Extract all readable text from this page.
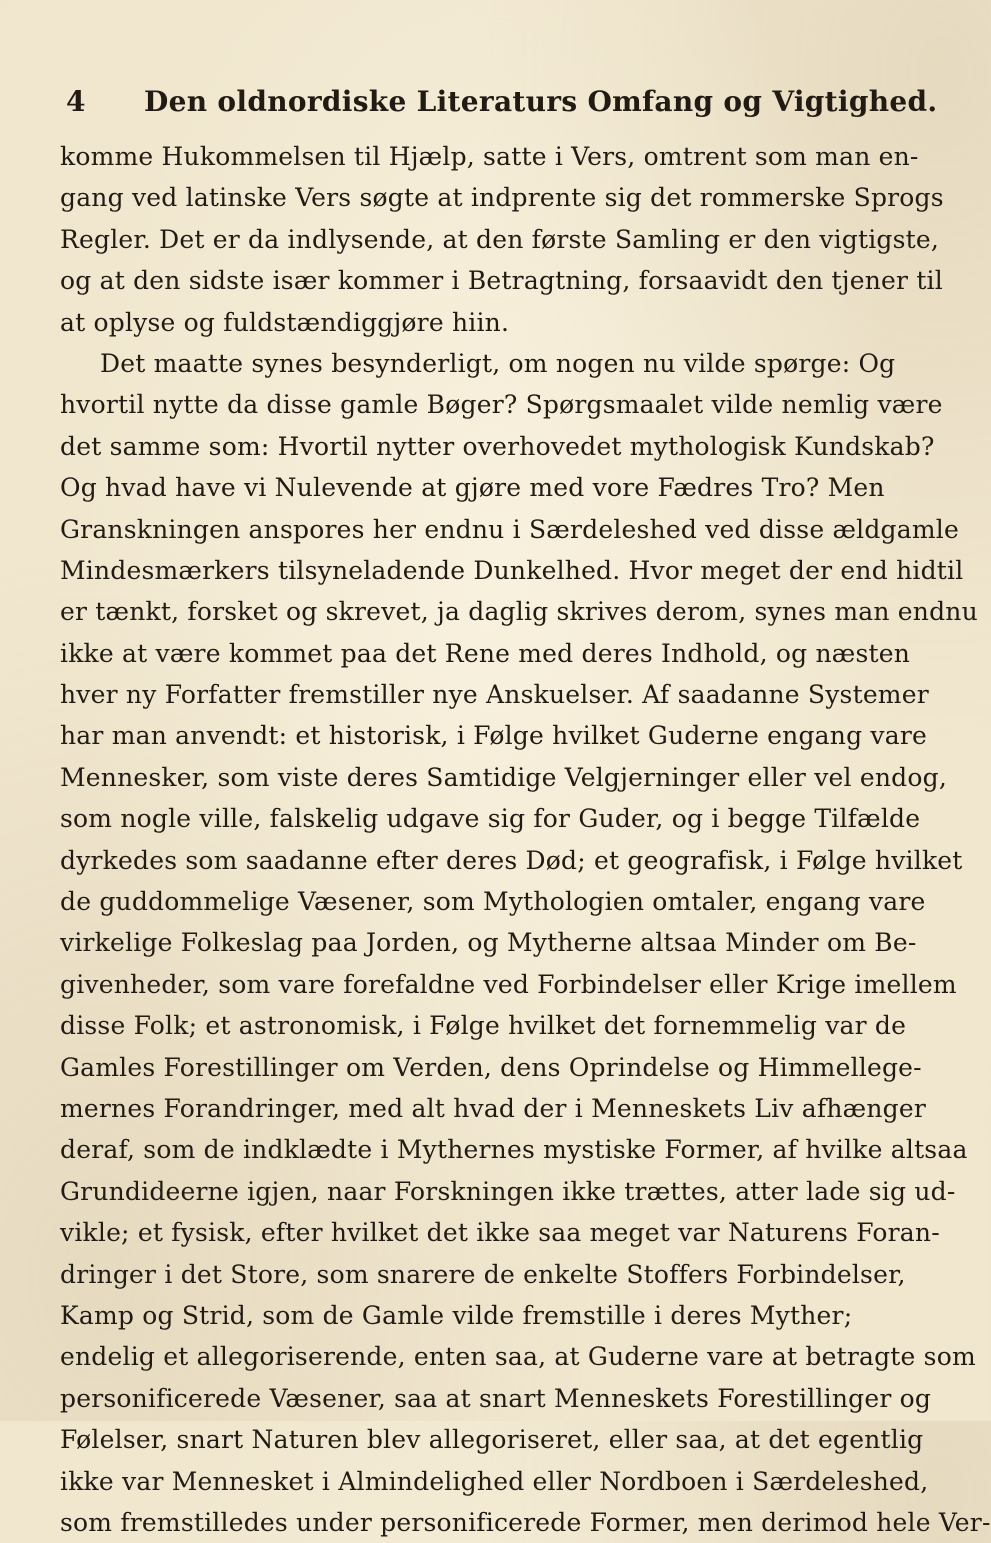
4 Den oldnordiske Literaturs Omfang og Vigtighed.
komme Hukommelsen til Hjælp, satte i Vers, omtrent som man en-
gang ved latinske Vers søgte at indprente sig det rommerske Sprogs
Regler. Det er da indlysende, at den første Samling er den vigtigste,
og at den sidste især kommer i Betragtning, forsaavidt den tjener til
at oplyse og fuldstændiggjøre hiin.
Det maatte synes besynderligt, om nogen nu vilde spørge: Og
hvortil nytte da disse gamle Bøger? Spørgsmaalet vilde nemlig være
det samme som: Hvortil nytter overhovedet mythologisk Kundskab?
Og hvad have vi Nulevende at gjøre med vore Fædres Tro? Men
Granskningen anspores her endnu i Særdeleshed ved disse ældgamle
Mindesmærkers tilsyneladende Dunkelhed. Hvor meget der end hidtil
er tænkt, forsket og skrevet, ja daglig skrives derom, synes man endnu
ikke at være kommet paa det Rene med deres Indhold, og næsten
hver ny Forfatter fremstiller nye Anskuelser. Af saadanne Systemer
har man anvendt: et historisk, i Følge hvilket Guderne engang vare
Mennesker, som viste deres Samtidige Velgjerninger eller vel endog,
som nogle ville, falskelig udgave sig for Guder, og i begge Tilfælde
dyrkedes som saadanne efter deres Død; et geografisk, i Følge hvilket
de guddommelige Væsener, som Mythologien omtaler, engang vare
virkelige Folkeslag paa Jorden, og Mytherne altsaa Minder om Be-
givenheder, som vare forefaldne ved Forbindelser eller Krige imellem
disse Folk; et astronomisk, i Følge hvilket det fornemmelig var de
Gamles Forestillinger om Verden, dens Oprindelse og Himmellege-
mernes Forandringer, med alt hvad der i Menneskets Liv afhænger
deraf, som de indklædte i Mythernes mystiske Former, af hvilke altsaa
Grundideerne igjen, naar Forskningen ikke trættes, atter lade sig ud-
vikle; et fysisk, efter hvilket det ikke saa meget var Naturens Foran-
dringer i det Store, som snarere de enkelte Stoffers Forbindelser,
Kamp og Strid, som de Gamle vilde fremstille i deres Myther;
endelig et allegoriserende, enten saa, at Guderne vare at betragte som
personificerede Væsener, saa at snart Menneskets Forestillinger og
Følelser, snart Naturen blev allegoriseret, eller saa, at det egentlig
ikke var Mennesket i Almindelighed eller Nordboen i Særdeleshed,
som fremstilledes under personificerede Former, men derimod hele Ver-
